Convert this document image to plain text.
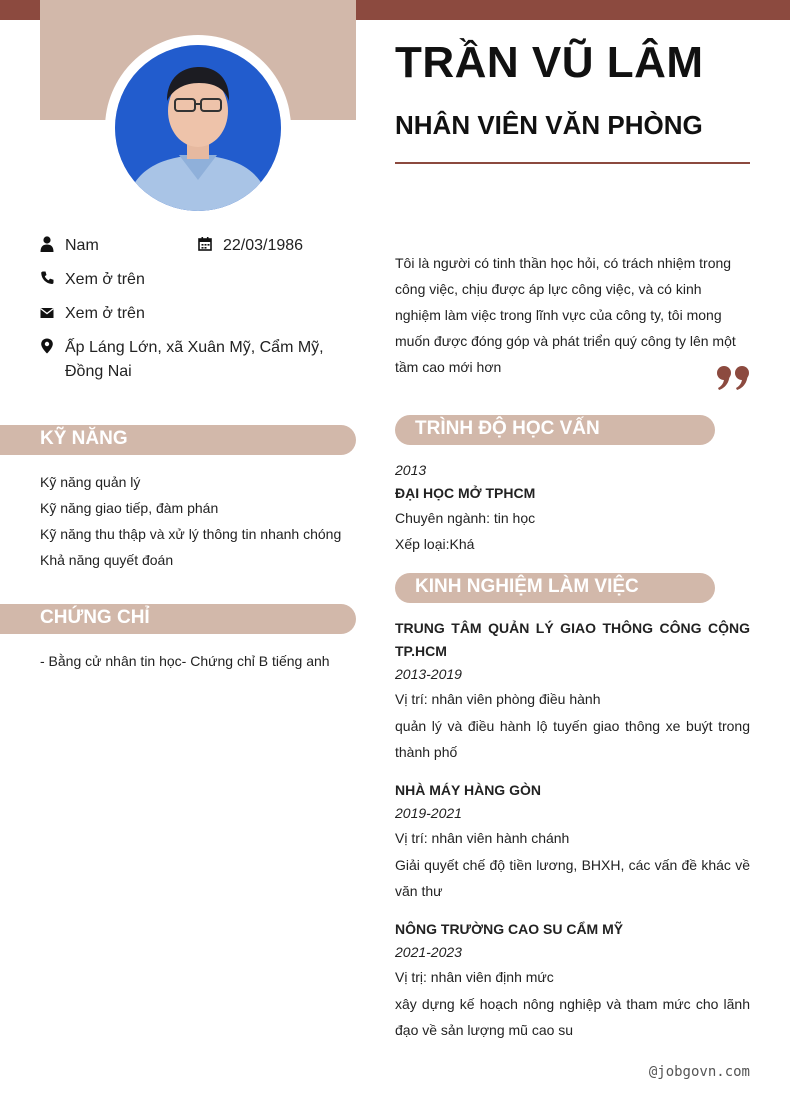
TRẦN VŨ LÂM
NHÂN VIÊN VĂN PHÒNG
Nam	22/03/1986
Xem ở trên
Xem ở trên
Ấp Láng Lớn, xã Xuân Mỹ, Cẩm Mỹ, Đồng Nai
KỸ NĂNG
Kỹ năng quản lý
Kỹ năng giao tiếp, đàm phán
Kỹ năng thu thập và xử lý thông tin nhanh chóng
Khả năng quyết đoán
CHỨNG CHỈ
- Bằng cử nhân tin học- Chứng chỉ B tiếng anh
Tôi là người có tinh thần học hỏi, có trách nhiệm trong công việc, chịu được áp lực công việc, và có kinh nghiệm làm việc trong lĩnh vực của công ty, tôi mong muốn được đóng góp và phát triển quý công ty lên một tầm cao mới hơn
TRÌNH ĐỘ HỌC VẤN
2013
ĐẠI HỌC MỞ TPHCM
Chuyên ngành: tin học
Xếp loại:Khá
KINH NGHIỆM LÀM VIỆC
TRUNG TÂM QUẢN LÝ GIAO THÔNG CÔNG CỘNG TP.HCM
2013-2019
Vị trí: nhân viên phòng điều hành
quản lý và điều hành lộ tuyến giao thông xe buýt trong thành phố
NHÀ MÁY HÀNG GÒN
2019-2021
Vị trí: nhân viên hành chánh
Giải quyết chế độ tiền lương, BHXH, các vấn đề khác về văn thư
NÔNG TRƯỜNG CAO SU CẨM MỸ
2021-2023
Vị trị: nhân viên định mức
xây dựng kế hoạch nông nghiệp và tham mức cho lãnh đạo về sản lượng mũ cao su
@jobgovn.com
